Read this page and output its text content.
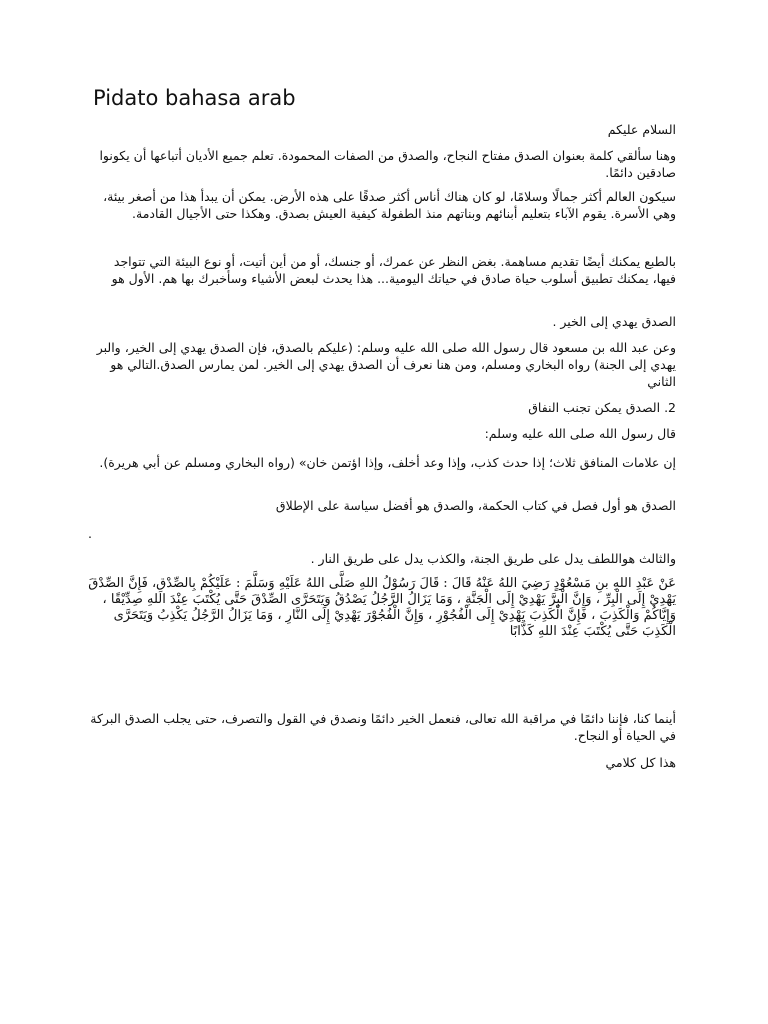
Pidato bahasa arab
السلام عليكم
وهنا سألقي كلمة بعنوان الصدق مفتاح النجاح، والصدق من الصفات المحمودة. تعلم جميع الأديان أتباعها أن يكونوا صادقين دائمًا.
سيكون العالم أكثر جمالًا وسلامًا، لو كان هناك أناس أكثر صدقًا على هذه الأرض. يمكن أن يبدأ هذا من أصغر بيئة، وهي الأسرة. يقوم الآباء بتعليم أبنائهم وبناتهم منذ الطفولة كيفية العيش بصدق. وهكذا حتى الأجيال القادمة.
بالطبع يمكنك أيضًا تقديم مساهمة. بغض النظر عن عمرك، أو جنسك، أو من أين أتيت، أو نوع البيئة التي تتواجد فيها، يمكنك تطبيق أسلوب حياة صادق في حياتك اليومية... هذا يحدث لبعض الأشياء وسأخبرك بها هم. الأول هو
الصدق يهدي إلى الخير .
وعن عبد الله بن مسعود قال رسول الله صلى الله عليه وسلم: (عليكم بالصدق، فإن الصدق يهدي إلى الخير، والبر يهدي إلى الجنة) رواه البخاري ومسلم، ومن هنا نعرف أن الصدق يهدي إلى الخير. لمن يمارس الصدق.التالي هو الثاني
2. الصدق يمكن تجنب النفاق
قال رسول الله صلى الله عليه وسلم:
إن علامات المنافق ثلاث؛ إذا حدث كذب، وإذا وعد أخلف، وإذا اؤتمن خان» (رواه البخاري ومسلم عن أبي هريرة).
الصدق هو أول فصل في كتاب الحكمة، والصدق هو أفضل سياسة على الإطلاق
.
والثالث هواللطف يدل على طريق الجنة، والكذب يدل على طريق النار .
عَنْ عَبْدِ اللهِ بنِ مَسْعُوْدٍ رَضِيَ اللهُ عَنْهُ قَالَ : قَالَ رَسُوْلُ اللهِ صَلَّى اللهُ عَلَيْهِ وَسَلَّمَ : عَلَيْكُمْ بِالصِّدْقِ، فَإِنَّ الصِّدْقَ يَهْدِيْ إِلَى الْبِرِّ ، وَإِنَّ الْبِرَّ يَهْدِيْ إِلَى الْجَنَّةِ ، وَمَا يَزَالُ الرَّجُلُ يَصْدُقُ وَيَتَحَرَّى الصِّدْقَ حَتَّى يُكْتَبَ عِنْدَ اللهِ صِدِّيْقًا ، وَإِيَّاكُمْ وَالْكَذِبَ ، فَإِنَّ الْكَذِبَ يَهْدِيْ إِلَى الْفُجُوْرِ ، وَإِنَّ الْفُجُوْرَ يَهْدِيْ إِلَى النَّارِ ، وَمَا يَزَالُ الرَّجُلُ يَكْذِبُ وَيَتَحَرَّى الْكَذِبَ حَتَّى يُكْتَبَ عِنْدَ اللهِ كَذَّابًا
أينما كنا، فإننا دائمًا في مراقبة الله تعالى، فنعمل الخير دائمًا ونصدق في القول والتصرف، حتى يجلب الصدق البركة في الحياة أو النجاح.
هذا كل كلامي
